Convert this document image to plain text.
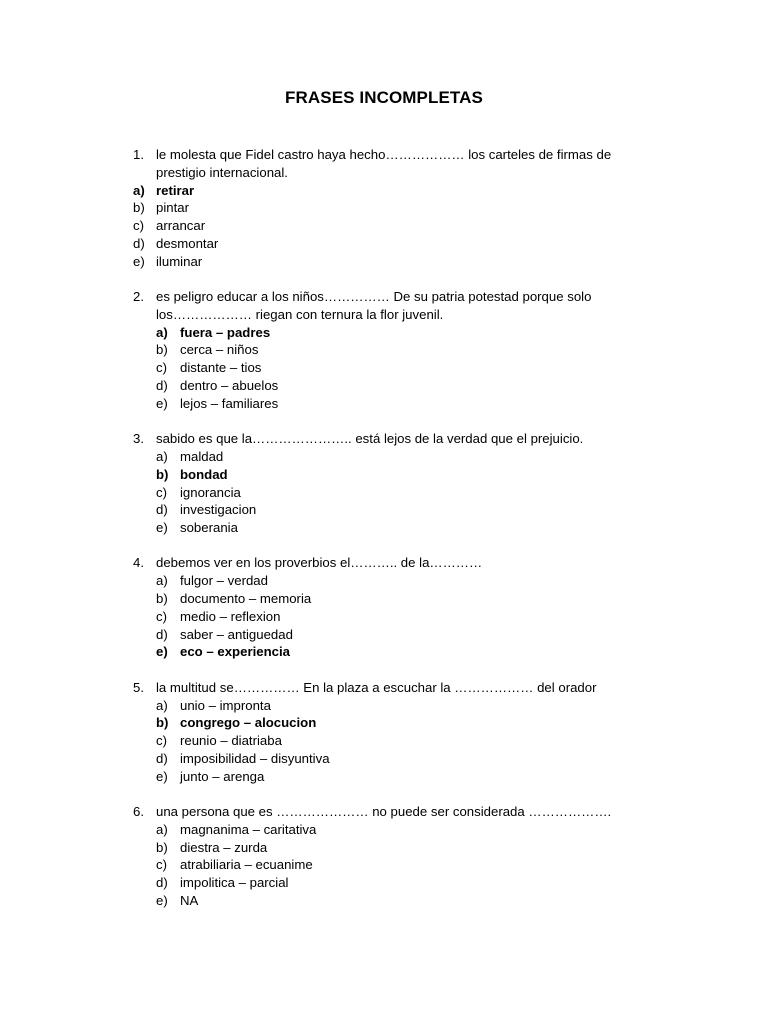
FRASES INCOMPLETAS
1. le molesta que Fidel castro haya hecho……………… los carteles de firmas de prestigio internacional.
a) retirar
b) pintar
c) arrancar
d) desmontar
e) iluminar
2. es peligro educar a los niños…………… De su patria potestad porque solo los……………… riegan con ternura la flor juvenil.
a) fuera – padres
b) cerca – niños
c) distante – tios
d) dentro – abuelos
e) lejos – familiares
3. sabido es que la………………….. está lejos de la verdad que el prejuicio.
a) maldad
b) bondad
c) ignorancia
d) investigacion
e) soberania
4. debemos ver en los proverbios el……….. de la…………
a) fulgor – verdad
b) documento – memoria
c) medio – reflexion
d) saber – antiguedad
e) eco – experiencia
5. la multitud se…………… En la plaza a escuchar la ……………… del orador
a) unio – impronta
b) congrego – alocucion
c) reunio – diatriaba
d) imposibilidad – disyuntiva
e) junto – arenga
6. una persona que es ………………… no puede ser considerada ……………….
a) magnanima – caritativa
b) diestra – zurda
c) atrabiliaria – ecuanime
d) impolitica – parcial
e) NA
